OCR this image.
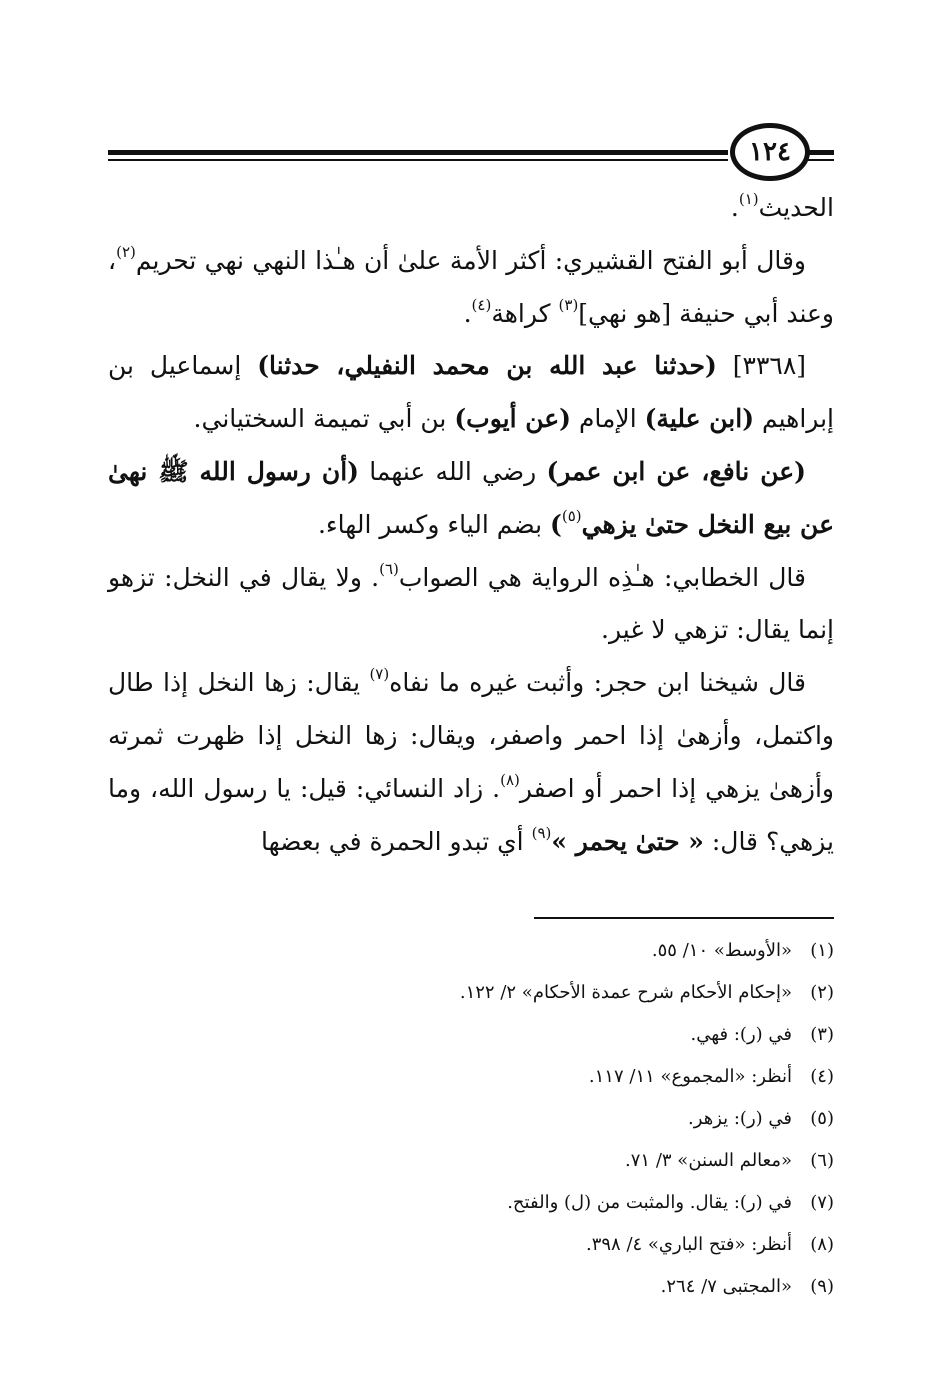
١٢٤

الحديث$^{(١)}$.

وقال أبو الفتح القشيري: أكثر الأمة علىٰ أن هـٰذا النهي نهي تحريم$^{(٢)}$، وعند أبي حنيفة [هو نهي]$^{(٣)}$ كراهة$^{(٤)}$.

[٣٣٦٨] (حدثنا عبد الله بن محمد النفيلي، حدثنا) إسماعيل بن إبراهيم (ابن علية) الإمام (عن أيوب) بن أبي تميمة السختياني.

(عن نافع، عن ابن عمر) رضي الله عنهما (أن رسول الله ﷺ نهىٰ عن بيع النخل حتىٰ يزهي$^{(٥)}$) بضم الياء وكسر الهاء.

قال الخطابي: هـٰذِه الرواية هي الصواب$^{(٦)}$. ولا يقال في النخل: تزهو إنما يقال: تزهي لا غير.

قال شيخنا ابن حجر: وأثبت غيره ما نفاه$^{(٧)}$ يقال: زها النخل إذا طال واكتمل، وأزهىٰ إذا احمر واصفر، ويقال: زها النخل إذا ظهرت ثمرته وأزهىٰ يزهي إذا احمر أو اصفر$^{(٨)}$. زاد النسائي: قيل: يا رسول الله، وما يزهي؟ قال: « حتىٰ يحمر »$^{(٩)}$ أي تبدو الحمرة في بعضها

(١)«الأوسط» ١٠/ ٥٥.
(٢)«إحكام الأحكام شرح عمدة الأحكام» ٢/ ١٢٢.
(٣)في (ر): فهي.
(٤)أنظر: «المجموع» ١١/ ١١٧.
(٥)في (ر): يزهر.
(٦)«معالم السنن» ٣/ ٧١.
(٧)في (ر): يقال. والمثبت من (ل) والفتح.
(٨)أنظر: «فتح الباري» ٤/ ٣٩٨.
(٩)«المجتبى ٧/ ٢٦٤.
